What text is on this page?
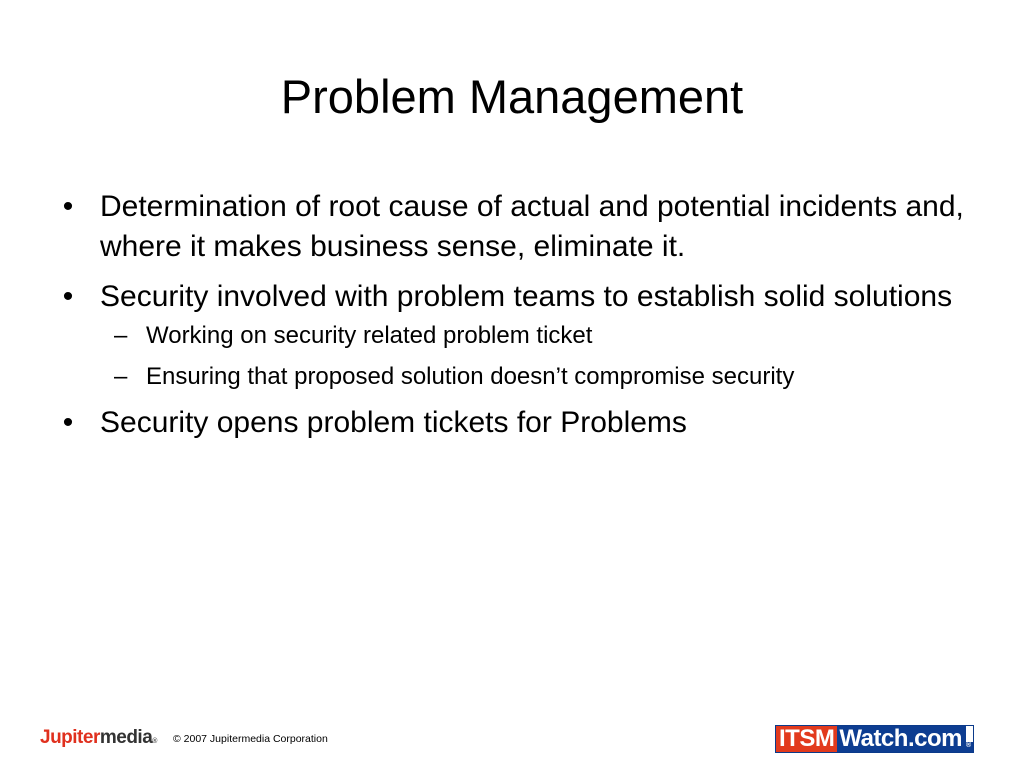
Problem Management
• Determination of root cause of actual and potential incidents and, where it makes business sense, eliminate it.
• Security involved with problem teams to establish solid solutions
– Working on security related problem ticket
– Ensuring that proposed solution doesn’t compromise security
• Security opens problem tickets for Problems
Jupitermedia® © 2007 Jupitermedia Corporation	ITSM Watch.com ®
